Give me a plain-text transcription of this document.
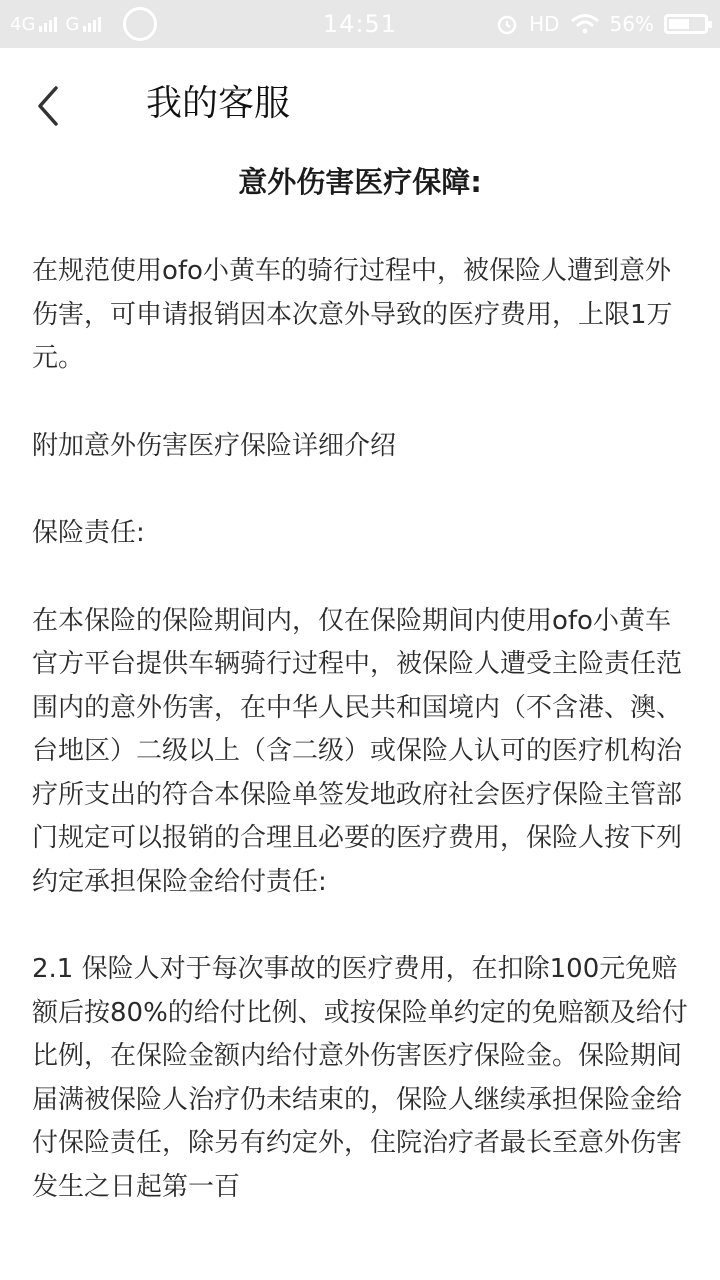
4G G	14:51	HD	56%
我的客服
意外伤害医疗保障:

在规范使用ofo小黄车的骑行过程中，被保险人遭到意外伤害，可申请报销因本次意外导致的医疗费用，上限1万元。

附加意外伤害医疗保险详细介绍

保险责任:

在本保险的保险期间内，仅在保险期间内使用ofo小黄车官方平台提供车辆骑行过程中，被保险人遭受主险责任范围内的意外伤害，在中华人民共和国境内（不含港、澳、台地区）二级以上（含二级）或保险人认可的医疗机构治疗所支出的符合本保险单签发地政府社会医疗保险主管部门规定可以报销的合理且必要的医疗费用，保险人按下列约定承担保险金给付责任:

2.1 保险人对于每次事故的医疗费用，在扣除100元免赔额后按80%的给付比例、或按保险单约定的免赔额及给付比例，在保险金额内给付意外伤害医疗保险金。保险期间届满被保险人治疗仍未结束的，保险人继续承担保险金给付保险责任，除另有约定外，住院治疗者最长至意外伤害发生之日起第一百
